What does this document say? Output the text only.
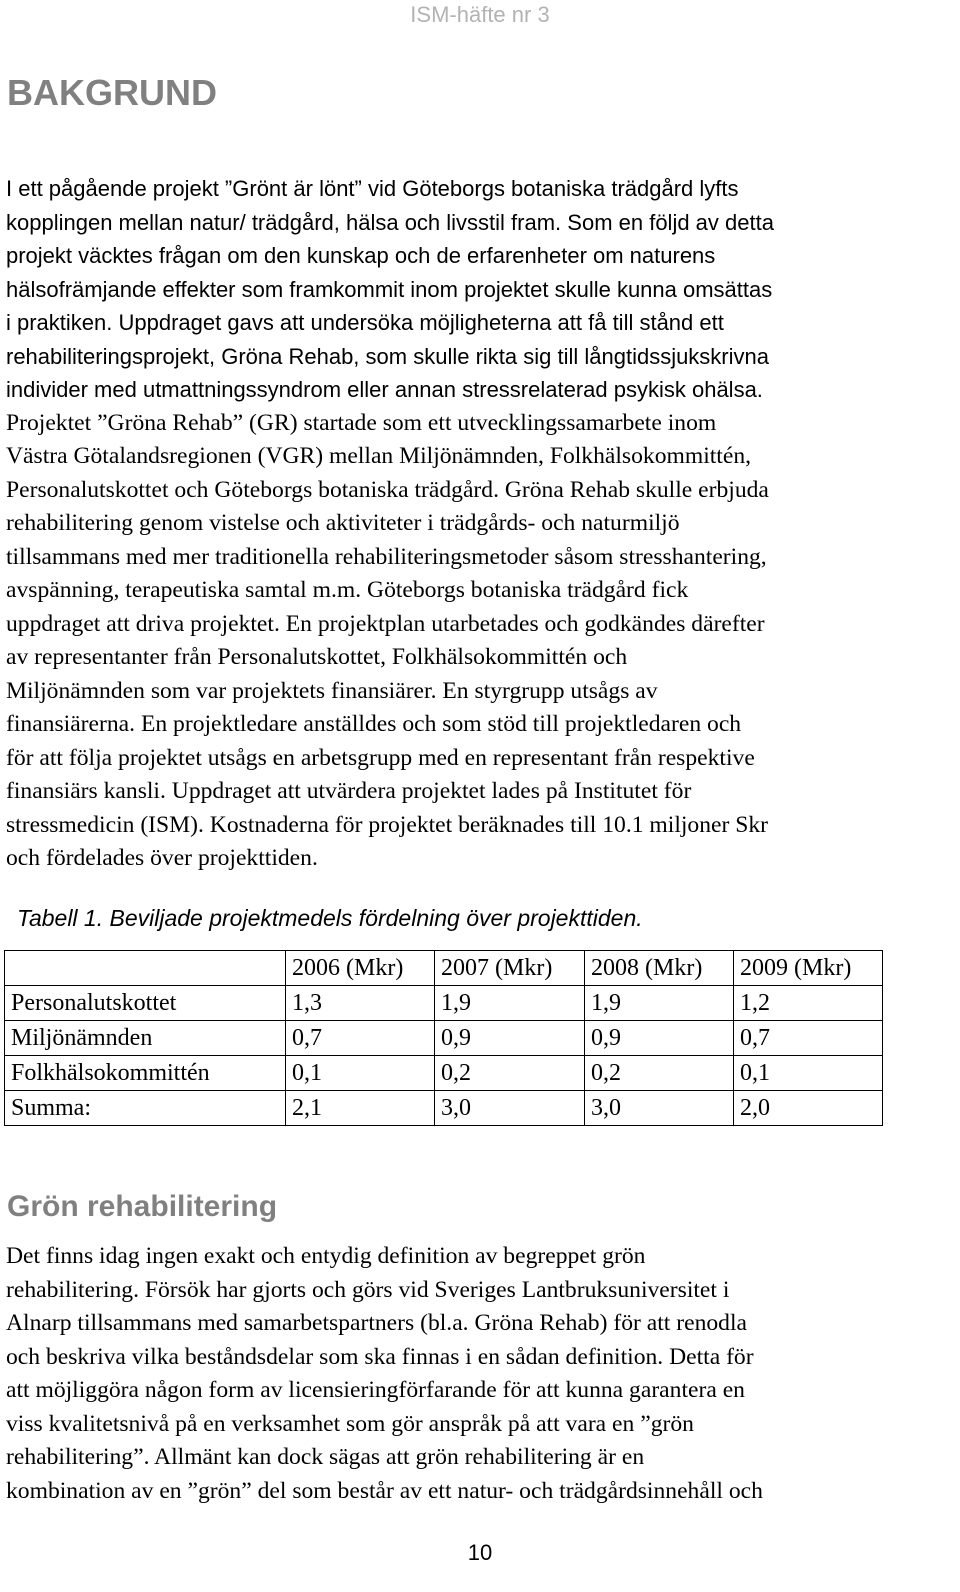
ISM-häfte nr 3
BAKGRUND
I ett pågående projekt ”Grönt är lönt” vid Göteborgs botaniska trädgård lyfts
kopplingen mellan natur/ trädgård, hälsa och livsstil fram. Som en följd av detta
projekt väcktes frågan om den kunskap och de erfarenheter om naturens
hälsofrämjande effekter som framkommit inom projektet skulle kunna omsättas
i praktiken. Uppdraget gavs att undersöka möjligheterna att få till stånd ett
rehabiliteringsprojekt, Gröna Rehab, som skulle rikta sig till långtidssjukskrivna
individer med utmattningssyndrom eller annan stressrelaterad psykisk ohälsa.
Projektet ”Gröna Rehab” (GR) startade som ett utvecklingssamarbete inom
Västra Götalandsregionen (VGR) mellan Miljönämnden, Folkhälsokommittén,
Personalutskottet och Göteborgs botaniska trädgård. Gröna Rehab skulle erbjuda
rehabilitering genom vistelse och aktiviteter i trädgårds- och naturmiljö
tillsammans med mer traditionella rehabiliteringsmetoder såsom stresshantering,
avspänning, terapeutiska samtal m.m. Göteborgs botaniska trädgård fick
uppdraget att driva projektet. En projektplan utarbetades och godkändes därefter
av representanter från Personalutskottet, Folkhälsokommittén och
Miljönämnden som var projektets finansiärer. En styrgrupp utsågs av
finansiärerna. En projektledare anställdes och som stöd till projektledaren och
för att följa projektet utsågs en arbetsgrupp med en representant från respektive
finansiärs kansli. Uppdraget att utvärdera projektet lades på Institutet för
stressmedicin (ISM). Kostnaderna för projektet beräknades till 10.1 miljoner Skr
och fördelades över projekttiden.

Tabell 1. Beviljade projektmedels fördelning över projekttiden.

	2006 (Mkr)	2007 (Mkr)	2008 (Mkr)	2009 (Mkr)
Personalutskottet	1,3	1,9	1,9	1,2
Miljönämnden	0,7	0,9	0,9	0,7
Folkhälsokommittén	0,1	0,2	0,2	0,1
Summa:	2,1	3,0	3,0	2,0
Grön rehabilitering
Det finns idag ingen exakt och entydig definition av begreppet grön
rehabilitering. Försök har gjorts och görs vid Sveriges Lantbruksuniversitet i
Alnarp tillsammans med samarbetspartners (bl.a. Gröna Rehab) för att renodla
och beskriva vilka beståndsdelar som ska finnas i en sådan definition. Detta för
att möjliggöra någon form av licensieringförfarande för att kunna garantera en
viss kvalitetsnivå på en verksamhet som gör anspråk på att vara en ”grön
rehabilitering”. Allmänt kan dock sägas att grön rehabilitering är en
kombination av en ”grön” del som består av ett natur- och trädgårdsinnehåll och
10
